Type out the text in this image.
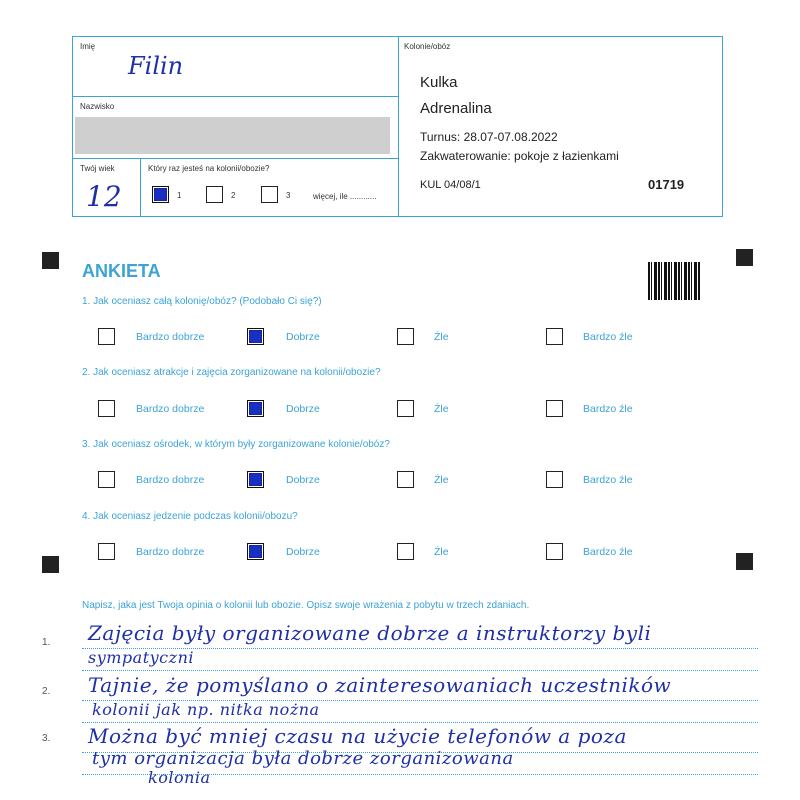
Imię
Filin
Nazwisko
Twój wiek
12
Który raz jesteś na kolonii/obozie?
1	2	3	więcej, ile ............
Kolonie/obóz
Kulka
Adrenalina
Turnus: 28.07-07.08.2022
Zakwaterowanie: pokoje z łazienkami
KUL 04/08/1	01719
ANKIETA
1. Jak oceniasz całą kolonię/obóz? (Podobało Ci się?)
Bardzo dobrze	Dobrze	Źle	Bardzo źle
2. Jak oceniasz atrakcje i zajęcia zorganizowane na kolonii/obozie?
Bardzo dobrze	Dobrze	Źle	Bardzo źle
3. Jak oceniasz ośrodek, w którym były zorganizowane kolonie/obóz?
Bardzo dobrze	Dobrze	Źle	Bardzo źle
4. Jak oceniasz jedzenie podczas kolonii/obozu?
Bardzo dobrze	Dobrze	Źle	Bardzo źle
Napisz, jaka jest Twoja opinia o kolonii lub obozie. Opisz swoje wrażenia z pobytu w trzech zdaniach.
1.
2.
3.
Zajęcia były organizowane dobrze a instruktorzy byli
sympatyczni
Tajnie, że pomyślano o zainteresowaniach uczestników
kolonii jak np. nitka nożna
Można być mniej czasu na użycie telefonów a poza
tym organizacja była dobrze zorganizowana
kolonia
